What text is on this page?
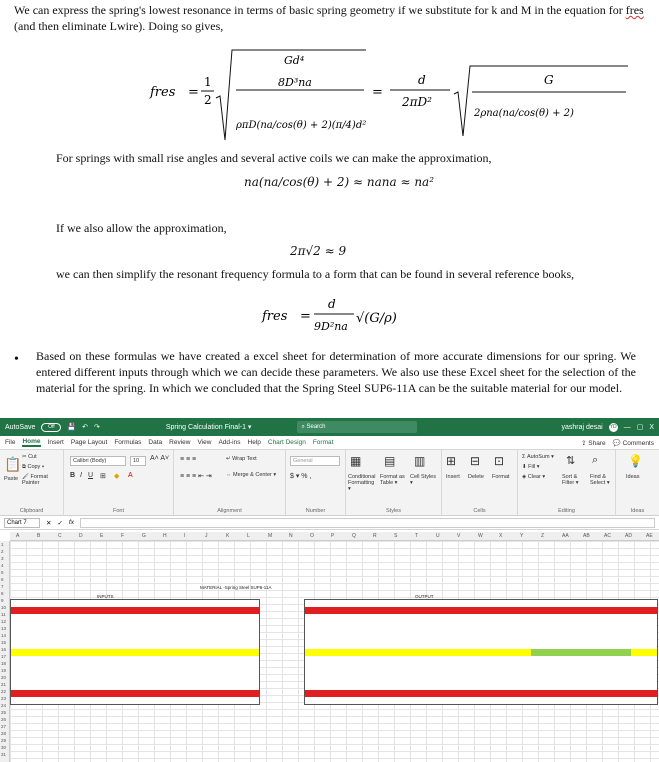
We can express the spring's lowest resonance in terms of basic spring geometry if we substitute for k and M in the equation for fres (and then eliminate Lwire). Doing so gives,
fres =
1
2
Gd⁴
8D³na
ρπD(na/cos(θ) + 2)(π/4)d²
=
d
2πD²
G
2ρna(na/cos(θ) + 2)
For springs with small rise angles and several active coils we can make the approximation,
na(na/cos(θ) + 2) ≈ nana ≈ na²
If we also allow the approximation,
2π√2 ≈ 9
we can then simplify the resonant frequency formula to a form that can be found in several reference books,
fres =
d
9D²na
√(G/ρ)
• Based on these formulas we have created a excel sheet for determination of more accurate dimensions for our spring. We entered different inputs through which we can decide these parameters. We also use these Excel sheet for the selection of the material for the spring. In which we concluded that the Spring Steel SUP6-11A can be the suitable material for our model.
AutoSave	Off	💾 ↶ ↷	Spring Calculation Final-1 ▾	⌕ Search	yashraj desai YD — ▢ X
File Home Insert Page Layout Formulas Data Review View Add-ins Help Chart Design Format	⇪ Share 💬 Comments
📋
Paste
✂ Cut
⧉ Copy ▾
🖌 Format Painter
Clipboard
Calibri (Body)	10	A˄ A˅
B I U ⊞ ◆ A
Font
≡ ≡ ≡
≡ ≡ ≡ ⇤ ⇥
↵ Wrap Text
⇔ Merge & Center ▾
Alignment
General
$ ▾ % ,
Number
▦
Conditional Formatting ▾
▤
Format as Table ▾
▥
Cell Styles ▾
Styles
⊞
Insert
⊟
Delete
⊡
Format
Cells
Σ AutoSum ▾
⬇ Fill ▾
◈ Clear ▾
⇅
Sort & Filter ▾
⌕
Find & Select ▾
Editing
💡
Ideas
Ideas
Chart 7	✕ ✓ fx
A	B	C	D	E	F	G	H	I	J	K	L	M	N	O	P	Q	R	S	T	U	V	W	X	Y	Z	AA	AB	AC	AD	AE
1
2
3
4
5
6
7
8
9
10
11
12
13
14
15
16
17
18
19
20
21
22
23
24
25
26
27
28
29
30
31
MATERIAL -Spring Steel SUP6-11A
INPUTS	OUTPUT
